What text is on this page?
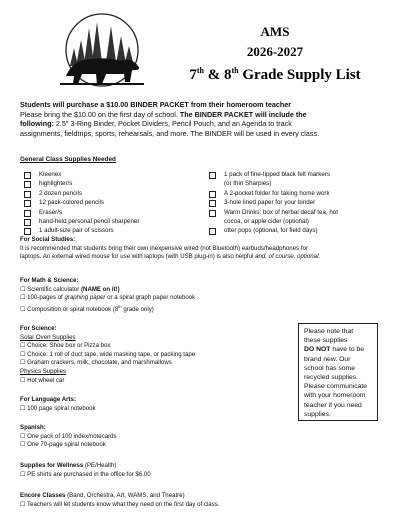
AMS
2026-2027
7th & 8th Grade Supply List
Students will purchase a $10.00 BINDER PACKET from their homeroom teacher
Please bring the $10.00 on the first day of school. The BINDER PACKET will include the
following: 2.5" 3-Ring Binder, Pocket Dividers, Pencil Pouch, and an Agenda to track
assignments, fieldtrips, sports, rehearsals, and more. The BINDER will be used in every class.
General Class Supplies Needed
Kleenex
highlighter/s
2 dozen pencils
12 pack-colored pencils
Eraser/s
hand-held personal pencil sharpener
1 adult-size pair of scissors
1 pack of fine-tipped black felt markers
(or thin Sharpies)
A 2-pocket folder for taking home work
3-hole lined paper for your binder
Warm Drinks: box of herbal decaf tea, hot
cocoa, or apple cider (optional)
otter pops (optional, for field days)
For Social Studies:
It is recommended that students bring their own inexpensive wired (not Bluetooth) earbuds/headphones for
laptops. An external wired mouse for use with laptops (with USB plug-in) is also helpful and, of course, optional.
For Math & Science:
☐ Scientific calculator (NAME on it!)
☐ 100-pages of graphing paper or a spiral graph paper notebook
☐ Composition or spiral notebook (8th grade only)
For Science:
Solar Oven Supplies
☐ Choice: Shoe box or Pizza box
☐ Choice: 1 roll of duct tape, wide masking tape, or packing tape
☐ Graham crackers, milk, chocolate, and marshmallows
Physics Supplies
☐ Hot wheel car
For Language Arts:
☐ 100 page spiral notebook
Spanish:
☐ One pack of 100 index/notecards
☐ One 70-page spiral notebook
Supplies for Wellness (PE/Health)
☐ PE shirts are purchased in the office for $6.00
Encore Classes (Band, Orchestra, Art, WAMS, and Theatre)
☐ Teachers will let students know what they need on the first day of class.
Please note that
these supplies
DO NOT have to be
brand new. Our
school has some
recycled supplies.
Please communicate
with your homeroom
teacher if you need
supplies.
